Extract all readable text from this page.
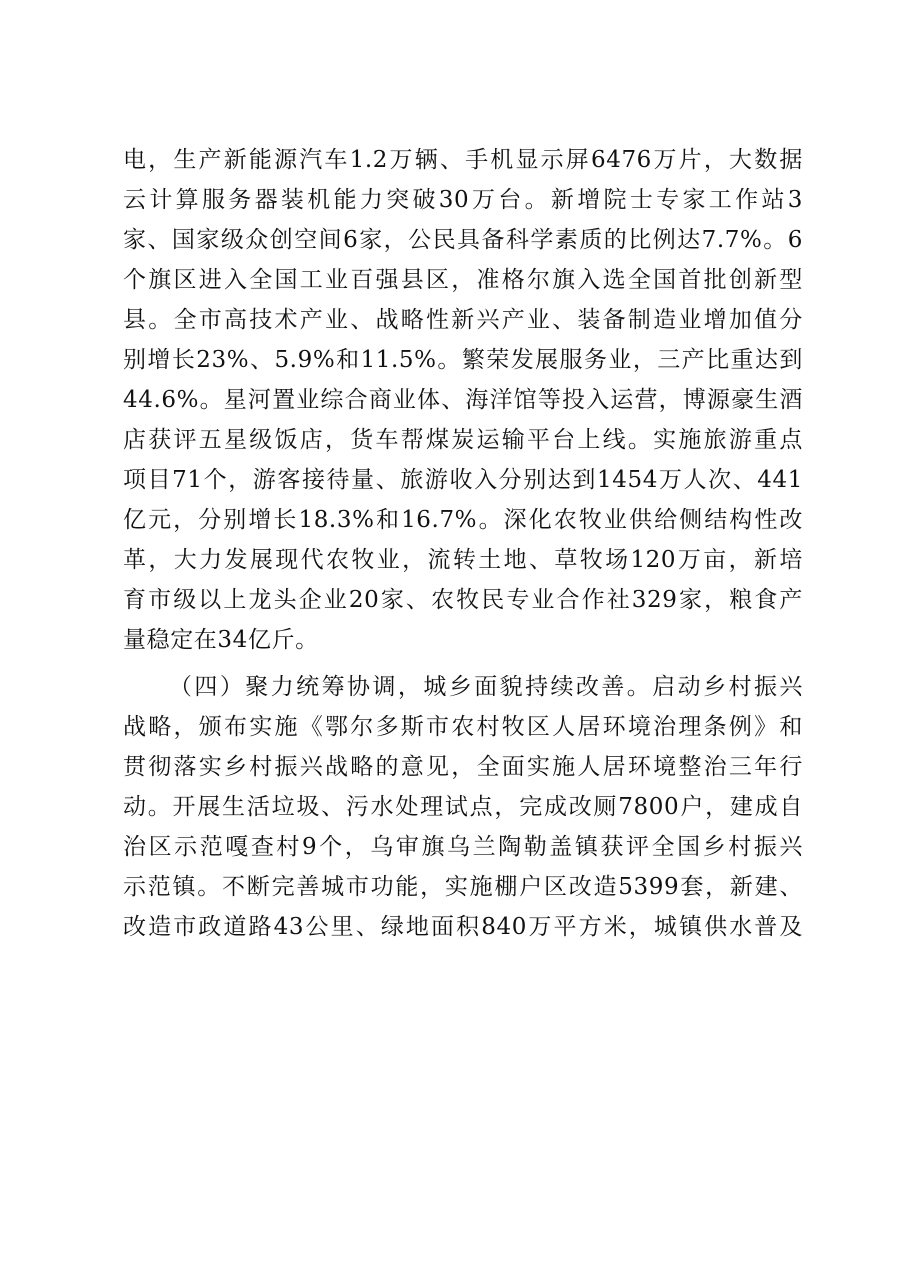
电，生产新能源汽车1.2万辆、手机显示屏6476万片，大数据
云计算服务器装机能力突破30万台。新增院士专家工作站3
家、国家级众创空间6家，公民具备科学素质的比例达7.7%。6
个旗区进入全国工业百强县区，准格尔旗入选全国首批创新型
县。全市高技术产业、战略性新兴产业、装备制造业增加值分
别增长23%、5.9%和11.5%。繁荣发展服务业，三产比重达到
44.6%。星河置业综合商业体、海洋馆等投入运营，博源豪生酒
店获评五星级饭店，货车帮煤炭运输平台上线。实施旅游重点
项目71个，游客接待量、旅游收入分别达到1454万人次、441
亿元，分别增长18.3%和16.7%。深化农牧业供给侧结构性改
革，大力发展现代农牧业，流转土地、草牧场120万亩，新培
育市级以上龙头企业20家、农牧民专业合作社329家，粮食产
量稳定在34亿斤。
（四）聚力统筹协调，城乡面貌持续改善。启动乡村振兴
战略，颁布实施《鄂尔多斯市农村牧区人居环境治理条例》和
贯彻落实乡村振兴战略的意见，全面实施人居环境整治三年行
动。开展生活垃圾、污水处理试点，完成改厕7800户，建成自
治区示范嘎查村9个，乌审旗乌兰陶勒盖镇获评全国乡村振兴
示范镇。不断完善城市功能，实施棚户区改造5399套，新建、
改造市政道路43公里、绿地面积840万平方米，城镇供水普及
